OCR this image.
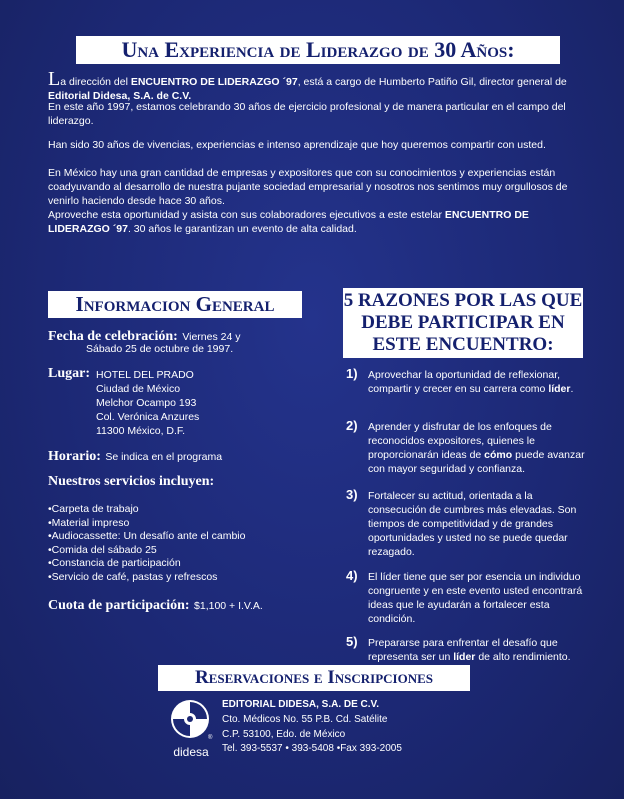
Una Experiencia de Liderazgo de 30 Años:
La dirección del ENCUENTRO DE LIDERAZGO ´97, está a cargo de Humberto Patiño Gil, director general de Editorial Didesa, S.A. de C.V.
En este año 1997, estamos celebrando 30 años de ejercicio profesional y de manera particular en el campo del liderazgo.
Han sido 30 años de vivencias, experiencias e intenso aprendizaje que hoy queremos compartir con usted.
En México hay una gran cantidad de empresas y expositores que con su conocimientos y experiencias están coadyuvando al desarrollo de nuestra pujante sociedad empresarial y nosotros nos sentimos muy orgullosos de venirlo haciendo desde hace 30 años.
Aproveche esta oportunidad y asista con sus colaboradores ejecutivos a este estelar ENCUENTRO DE LIDERAZGO ´97. 30 años le garantizan un evento de alta calidad.
Informacion General
Fecha de celebración: Viernes 24 y
Sábado 25 de octubre de 1997.
Lugar: HOTEL DEL PRADO
Ciudad de México
Melchor Ocampo 193
Col. Verónica Anzures
11300 México, D.F.
Horario: Se indica en el programa
Nuestros servicios incluyen:
•Carpeta de trabajo
•Material impreso
•Audiocassette: Un desafío ante el cambio
•Comida del sábado 25
•Constancia de participación
•Servicio de café, pastas y refrescos
Cuota de participación: $1,100 + I.V.A.
5 RAZONES POR LAS QUE DEBE PARTICIPAR EN ESTE ENCUENTRO:
1) Aprovechar la oportunidad de reflexionar, compartir y crecer en su carrera como líder.
2) Aprender y disfrutar de los enfoques de reconocidos expositores, quienes le proporcionarán ideas de cómo puede avanzar con mayor seguridad y confianza.
3) Fortalecer su actitud, orientada a la consecución de cumbres más elevadas. Son tiempos de competitividad y de grandes oportunidades y usted no se puede quedar rezagado.
4) El líder tiene que ser por esencia un individuo congruente y en este evento usted encontrará ideas que le ayudarán a fortalecer esta condición.
5) Prepararse para enfrentar el desafío que representa ser un líder de alto rendimiento.
Reservaciones e Inscripciones
®
didesa
EDITORIAL DIDESA, S.A. DE C.V.
Cto. Médicos No. 55 P.B. Cd. Satélite
C.P. 53100, Edo. de México
Tel. 393-5537 • 393-5408 •Fax 393-2005
